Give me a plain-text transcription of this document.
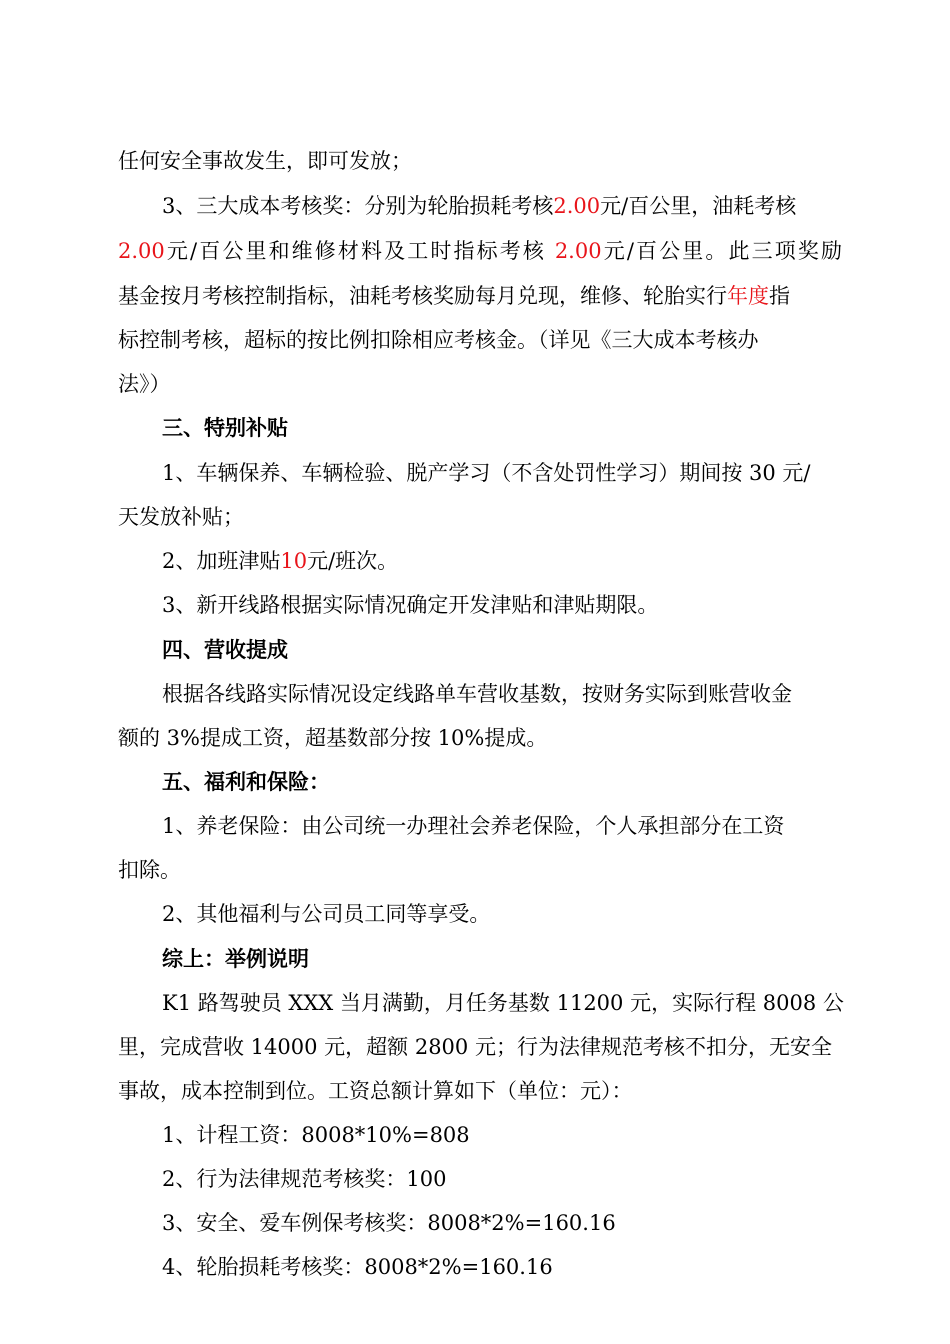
任何安全事故发生，即可发放；
3、三大成本考核奖：分别为轮胎损耗考核2.00元/百公里，油耗考核
2.00元/百公里和维修材料及工时指标考核 2.00元/百公里。此三项奖励
基金按月考核控制指标，油耗考核奖励每月兑现，维修、轮胎实行年度指
标控制考核，超标的按比例扣除相应考核金。（详见《三大成本考核办
法》）
三、特别补贴
1、车辆保养、车辆检验、脱产学习（不含处罚性学习）期间按 30 元/
天发放补贴；
2、加班津贴10元/班次。
3、新开线路根据实际情况确定开发津贴和津贴期限。
四、营收提成
根据各线路实际情况设定线路单车营收基数，按财务实际到账营收金
额的 3%提成工资，超基数部分按 10%提成。
五、福利和保险：
1、养老保险：由公司统一办理社会养老保险，个人承担部分在工资
扣除。
2、其他福利与公司员工同等享受。
综上：举例说明
K1 路驾驶员 XXX 当月满勤，月任务基数 11200 元，实际行程 8008 公
里，完成营收 14000 元，超额 2800 元；行为法律规范考核不扣分，无安全
事故，成本控制到位。工资总额计算如下（单位：元）：
1、计程工资：8008*10%=808
2、行为法律规范考核奖：100
3、安全、爱车例保考核奖：8008*2%=160.16
4、轮胎损耗考核奖：8008*2%=160.16
